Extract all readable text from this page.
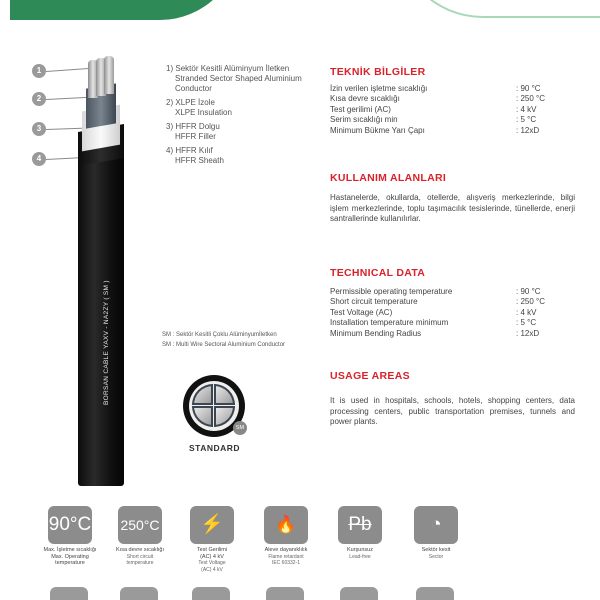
1
2
3
4
BORSAN CABLE YAXV - NA2ZY ( SM )
1) Sektör Kesitli Alüminyum İletken
Stranded Sector Shaped Aluminium
Conductor
2) XLPE İzole
XLPE Insulation
3) HFFR Dolgu
HFFR Filler
4) HFFR Kılıf
HFFR Sheath
SM : Sektör Kesitli Çoklu Alüminyumİletken
SM : Multi Wire Sectoral Aluminium Conductor
SM
STANDARD
TEKNİK BİLGİLER
İzin verilen işletme sıcaklığı	: 90 °C
Kısa devre sıcaklığı	: 250 °C
Test gerilimi (AC)	: 4 kV
Serim sıcaklığı min	: 5 °C
Minimum Bükme Yarı Çapı	: 12xD
KULLANIM ALANLARI
Hastanelerde, okullarda, otellerde, alışveriş merkezlerinde, bilgi işlem merkezlerinde, toplu taşımacılık tesislerinde, tünellerde, enerji santrallerinde kullanılırlar.
TECHNICAL DATA
Permissible operating temperature	: 90 °C
Short circuit temperature	: 250 °C
Test Voltage (AC)	: 4 kV
Installation temperature minimum	: 5 °C
Minimum Bending Radius	: 12xD
USAGE AREAS
It is used in hospitals, schools, hotels, shopping centers, data processing centers, public transportation premises, tunnels and power plants.
90°C
Max. İşletme sıcaklığı
Max. Operating
temperature
250°C
Kısa devre sıcaklığı
Short circuit
temperature
⚡
Test Gerilimi
(AC) 4 kV
Test Voltage
(AC) 4 kV
🔥
Aleve dayanıklılık
Flame retardant
IEC 60332-1
Pb
Kurşunsuz
Lead-free
◔
Sektör kesit
Sector
